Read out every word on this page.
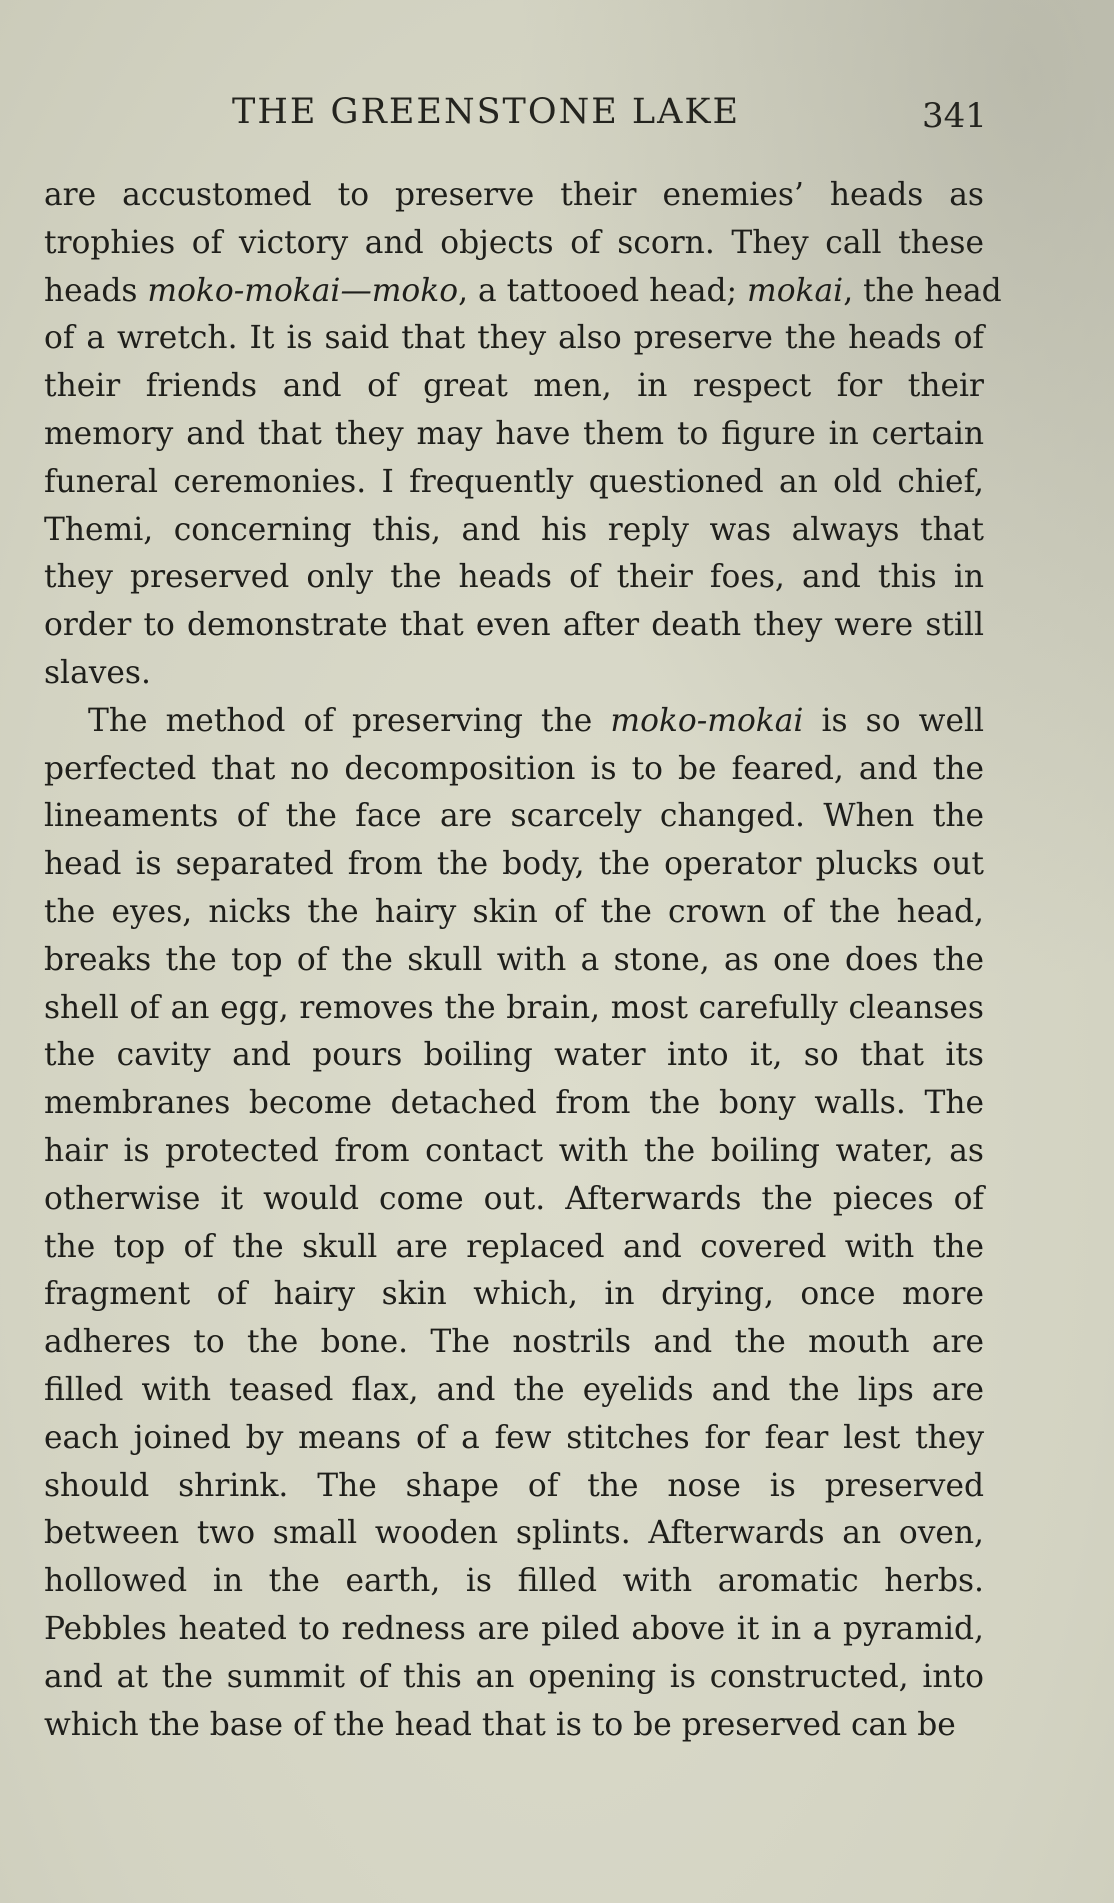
THE GREENSTONE LAKE	341
are accustomed to preserve their enemies’ heads as
trophies of victory and objects of scorn. They call these
heads moko-mokai—moko, a tattooed head; mokai, the head
of a wretch. It is said that they also preserve the heads of
their friends and of great men, in respect for their
memory and that they may have them to figure in certain
funeral ceremonies. I frequently questioned an old chief,
Themi, concerning this, and his reply was always that
they preserved only the heads of their foes, and this in
order to demonstrate that even after death they were still
slaves.
The method of preserving the moko-mokai is so well
perfected that no decomposition is to be feared, and the
lineaments of the face are scarcely changed. When the
head is separated from the body, the operator plucks out
the eyes, nicks the hairy skin of the crown of the head,
breaks the top of the skull with a stone, as one does the
shell of an egg, removes the brain, most carefully cleanses
the cavity and pours boiling water into it, so that its
membranes become detached from the bony walls. The
hair is protected from contact with the boiling water, as
otherwise it would come out. Afterwards the pieces of
the top of the skull are replaced and covered with the
fragment of hairy skin which, in drying, once more
adheres to the bone. The nostrils and the mouth are
filled with teased flax, and the eyelids and the lips are
each joined by means of a few stitches for fear lest they
should shrink. The shape of the nose is preserved
between two small wooden splints. Afterwards an oven,
hollowed in the earth, is filled with aromatic herbs.
Pebbles heated to redness are piled above it in a pyramid,
and at the summit of this an opening is constructed, into
which the base of the head that is to be preserved can be
